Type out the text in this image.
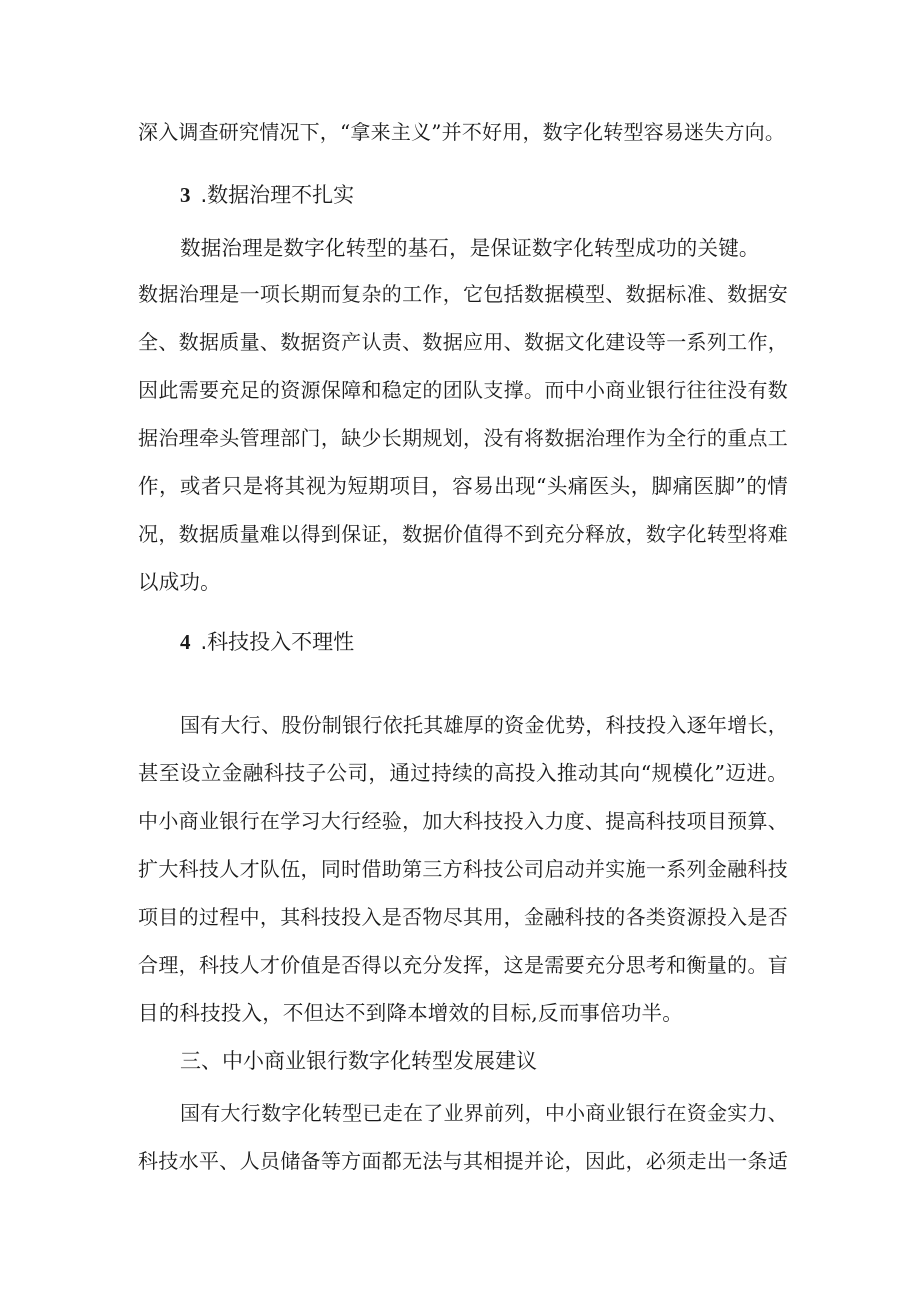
深入调查研究情况下，“拿来主义”并不好用，数字化转型容易迷失方向。
3 .数据治理不扎实
数据治理是数字化转型的基石，是保证数字化转型成功的关键。
数据治理是一项长期而复杂的工作，它包括数据模型、数据标准、数据安
全、数据质量、数据资产认责、数据应用、数据文化建设等一系列工作，
因此需要充足的资源保障和稳定的团队支撑。而中小商业银行往往没有数
据治理牵头管理部门，缺少长期规划，没有将数据治理作为全行的重点工
作，或者只是将其视为短期项目，容易出现“头痛医头，脚痛医脚”的情
况，数据质量难以得到保证，数据价值得不到充分释放，数字化转型将难
以成功。
4 .科技投入不理性
国有大行、股份制银行依托其雄厚的资金优势，科技投入逐年增长，
甚至设立金融科技子公司，通过持续的高投入推动其向“规模化”迈进。
中小商业银行在学习大行经验，加大科技投入力度、提高科技项目预算、
扩大科技人才队伍，同时借助第三方科技公司启动并实施一系列金融科技
项目的过程中，其科技投入是否物尽其用，金融科技的各类资源投入是否
合理，科技人才价值是否得以充分发挥，这是需要充分思考和衡量的。盲
目的科技投入，不但达不到降本增效的目标,反而事倍功半。
三、中小商业银行数字化转型发展建议
国有大行数字化转型已走在了业界前列，中小商业银行在资金实力、
科技水平、人员储备等方面都无法与其相提并论，因此，必须走出一条适
